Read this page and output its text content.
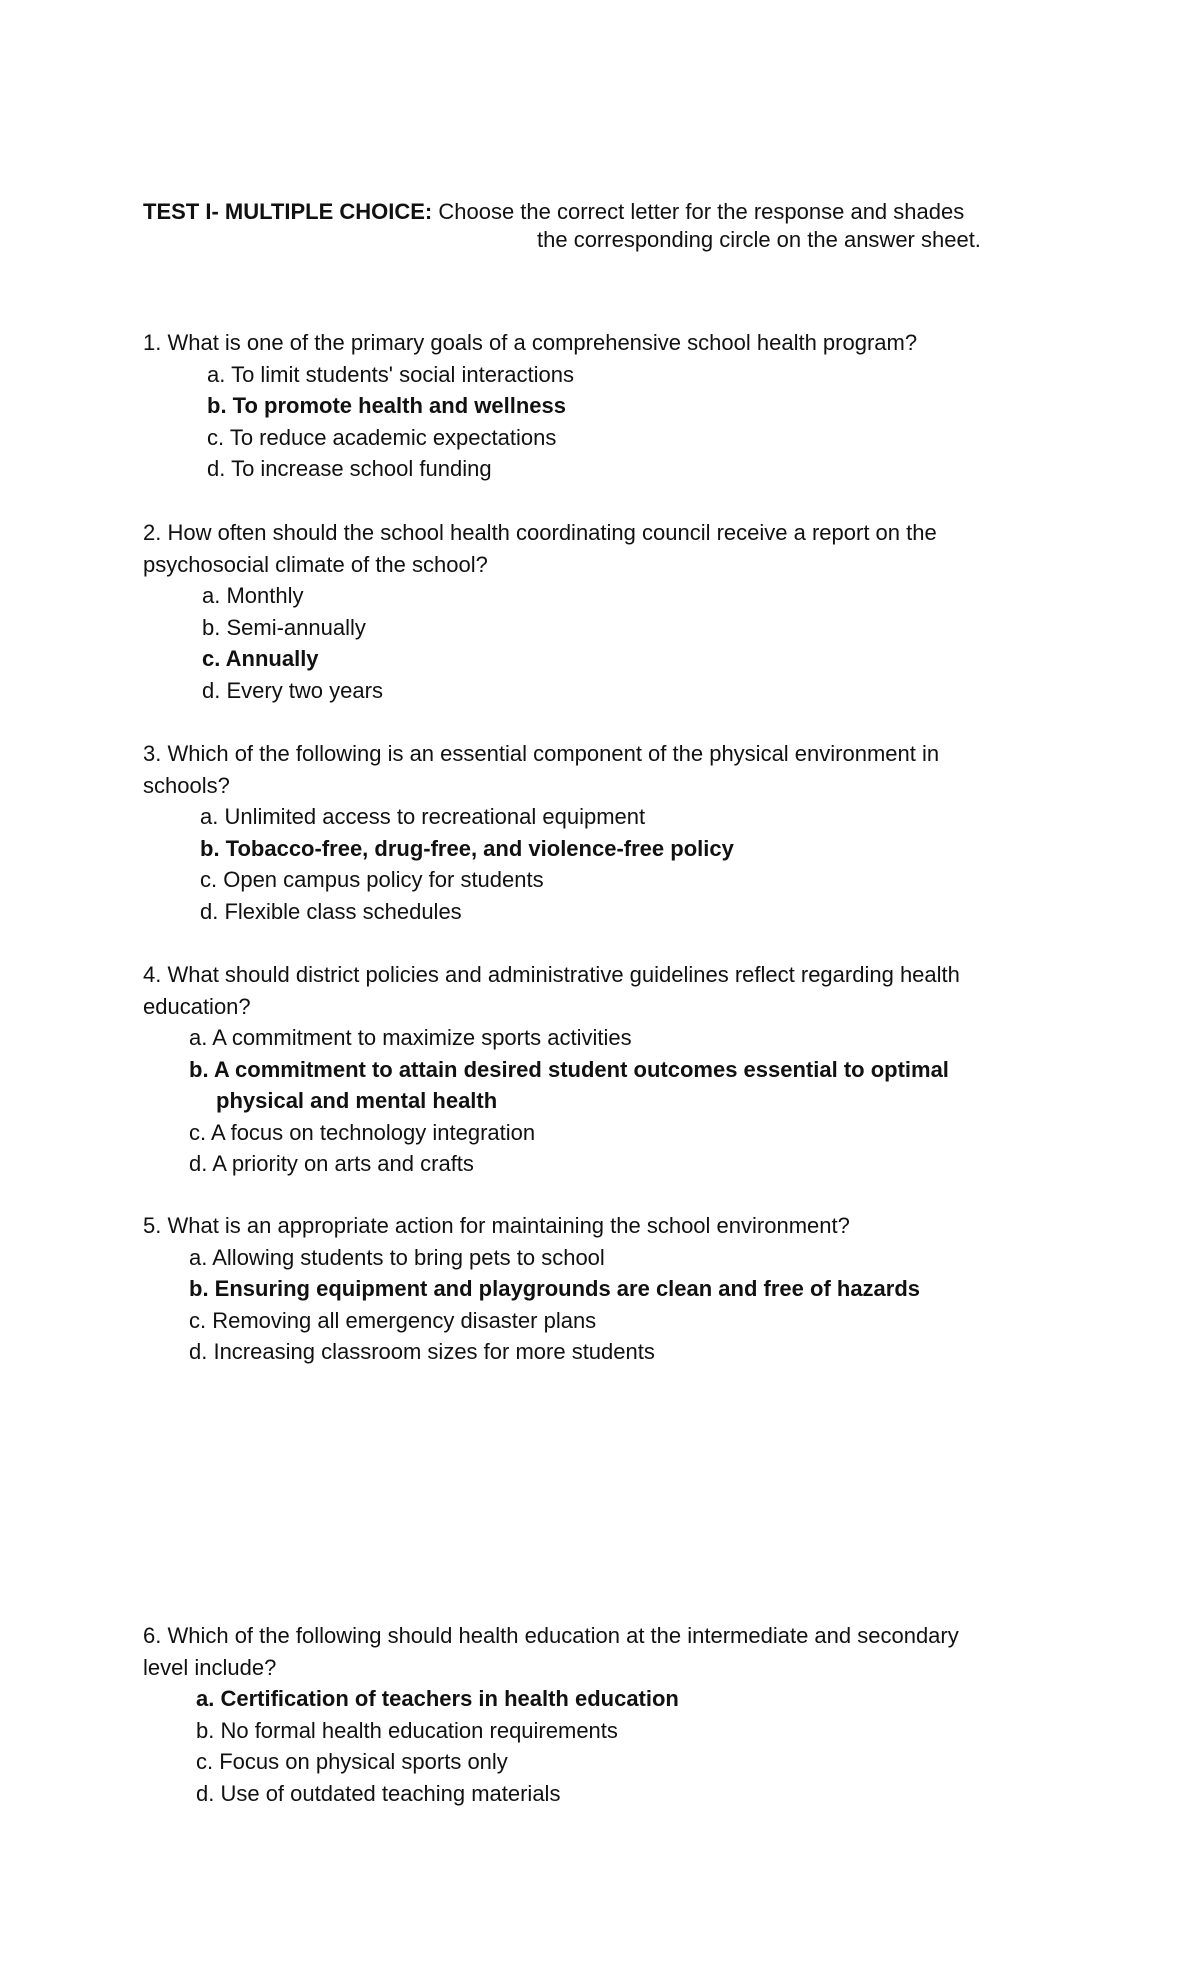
TEST I- MULTIPLE CHOICE: Choose the correct letter for the response and shades
the corresponding circle on the answer sheet.
1. What is one of the primary goals of a comprehensive school health program?
a. To limit students' social interactions
b. To promote health and wellness
c. To reduce academic expectations
d. To increase school funding
2. How often should the school health coordinating council receive a report on the
psychosocial climate of the school?
a. Monthly
b. Semi-annually
c. Annually
d. Every two years
3. Which of the following is an essential component of the physical environment in
schools?
a. Unlimited access to recreational equipment
b. Tobacco-free, drug-free, and violence-free policy
c. Open campus policy for students
d. Flexible class schedules
4. What should district policies and administrative guidelines reflect regarding health
education?
a. A commitment to maximize sports activities
b. A commitment to attain desired student outcomes essential to optimal
physical and mental health
c. A focus on technology integration
d. A priority on arts and crafts
5. What is an appropriate action for maintaining the school environment?
a. Allowing students to bring pets to school
b. Ensuring equipment and playgrounds are clean and free of hazards
c. Removing all emergency disaster plans
d. Increasing classroom sizes for more students
6. Which of the following should health education at the intermediate and secondary
level include?
a. Certification of teachers in health education
b. No formal health education requirements
c. Focus on physical sports only
d. Use of outdated teaching materials
